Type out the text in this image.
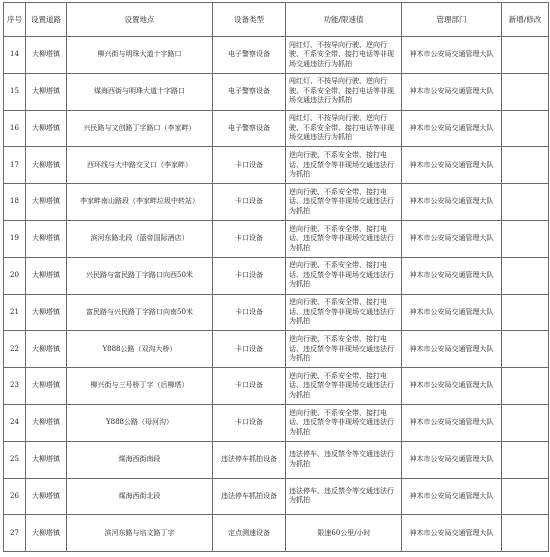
序号	设置道路	设置地点	设备类型	功能/限速值	管理部门	新增/修改
14	大柳塔镇	柳兴街与明珠大道十字路口	电子警察设备	闯红灯、不按导向行驶、逆向行驶、不系安全带、接打电话等非现场交通违法行为抓拍	神木市公安局交通管理大队	
15	大柳塔镇	煤海西街与明珠大道十字路口	电子警察设备	闯红灯、不按导向行驶、逆向行驶、不系安全带、接打电话等非现场交通违法行为抓拍	神木市公安局交通管理大队	
16	大柳塔镇	兴民路与文创路丁字路口（李家畔）	电子警察设备	闯红灯、不按导向行驶、逆向行驶、不系安全带、接打电话等非现场交通违法行为抓拍	神木市公安局交通管理大队	
17	大柳塔镇	西环线与大中路交叉口（李家畔）	卡口设备	逆向行驶、不系安全带、接打电话、违反禁令等非现场交通违法行为抓拍	神木市公安局交通管理大队	
18	大柳塔镇	李家畔南山路段（李家畔垃圾中转站）	卡口设备	逆向行驶、不系安全带、接打电话、违反禁令等非现场交通违法行为抓拍	神木市公安局交通管理大队	
19	大柳塔镇	滨河东路北段（蓝帝国际酒店）	卡口设备	逆向行驶、不系安全带、接打电话、违反禁令等非现场交通违法行为抓拍	神木市公安局交通管理大队	
20	大柳塔镇	兴民路与富民路丁字路口向西50米	卡口设备	逆向行驶、不系安全带、接打电话、违反禁令等非现场交通违法行为抓拍	神木市公安局交通管理大队	
21	大柳塔镇	富民路与兴民路丁字路口向南50米	卡口设备	逆向行驶、不系安全带、接打电话、违反禁令等非现场交通违法行为抓拍	神木市公安局交通管理大队	
22	大柳塔镇	Y888公路（双沟大桥）	卡口设备	逆向行驶、不系安全带、接打电话、违反禁令等非现场交通违法行为抓拍	神木市公安局交通管理大队	
23	大柳塔镇	柳兴街与三号桥丁字（后柳塔）	卡口设备	逆向行驶、不系安全带、接打电话、违反禁令等非现场交通违法行为抓拍	神木市公安局交通管理大队	
24	大柳塔镇	Y888公路（母河沟）	卡口设备	逆向行驶、不系安全带、接打电话、违反禁令等非现场交通违法行为抓拍	神木市公安局交通管理大队	
25	大柳塔镇	煤海西街南段	违法停车抓拍设备	违法停车、违反禁令等交通违法行为抓拍	神木市公安局交通管理大队	
26	大柳塔镇	煤海西街北段	违法停车抓拍设备	违法停车、违反禁令等交通违法行为抓拍	神木市公安局交通管理大队	
27	大柳塔镇	滨河东路与培文路丁字	定点测速设备	限速60公里/小时	神木市公安局交通管理大队	
